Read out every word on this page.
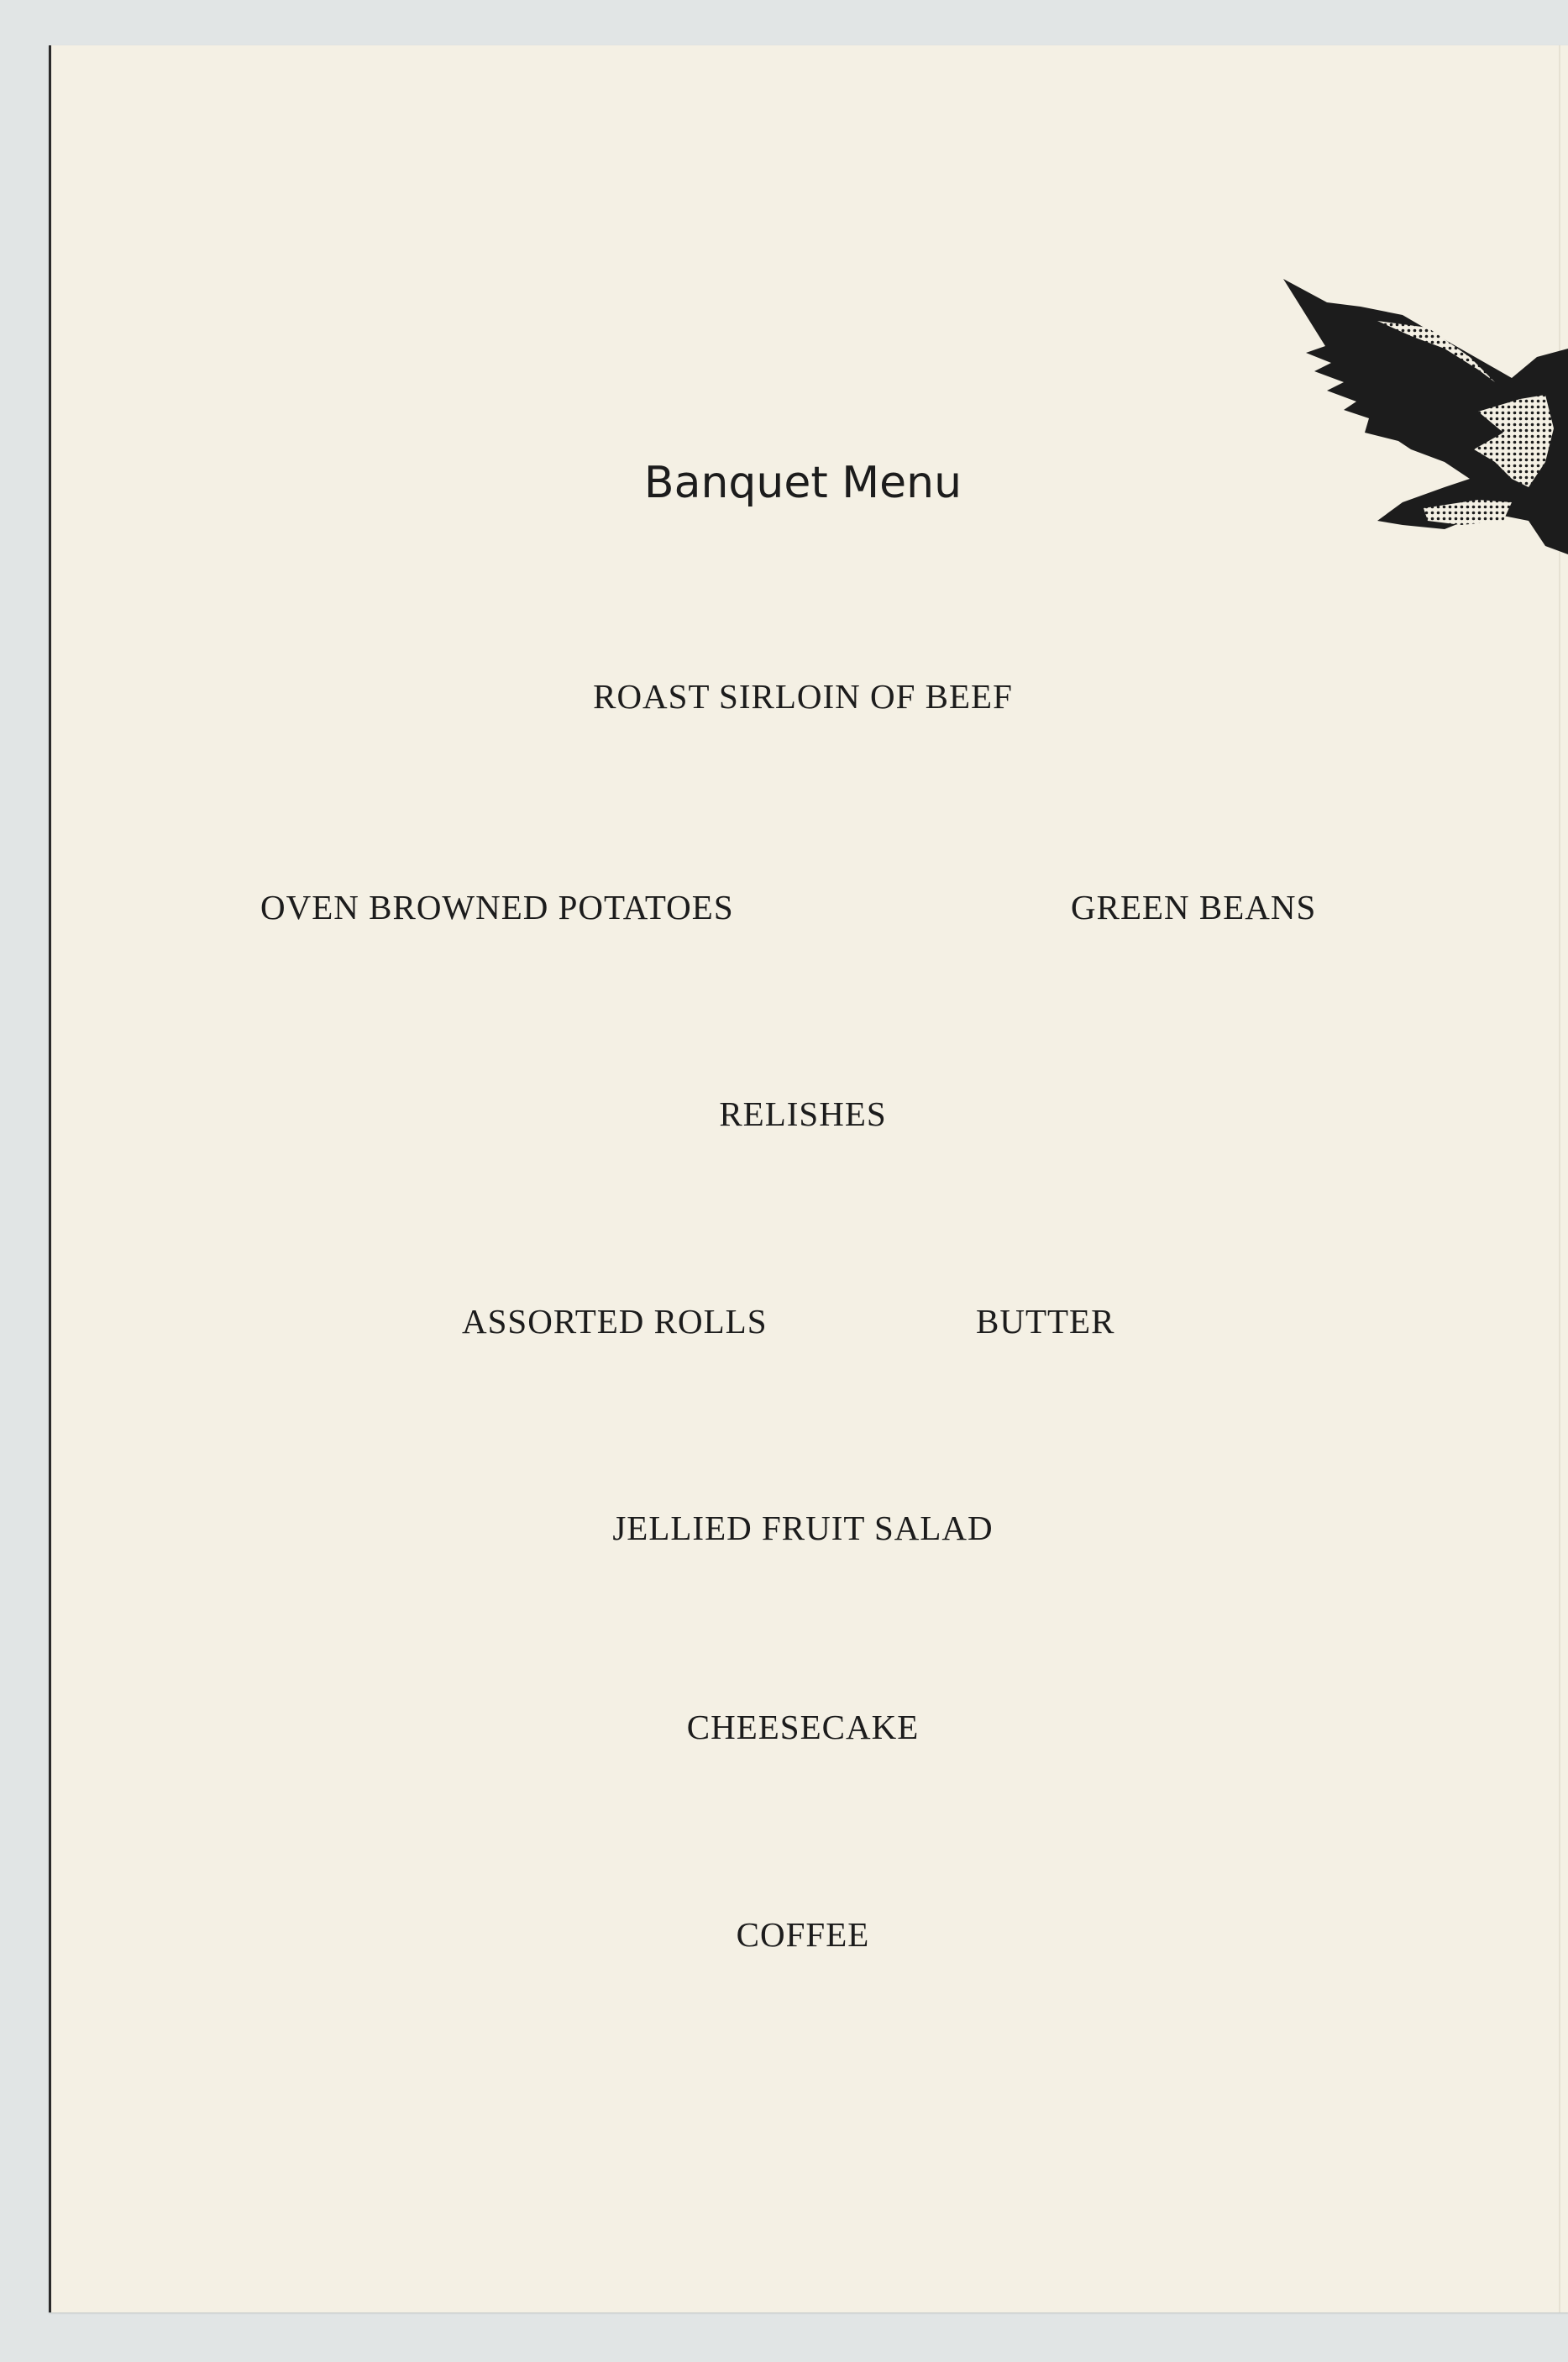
Banquet Menu
ROAST SIRLOIN OF BEEF
OVEN BROWNED POTATOES	GREEN BEANS
RELISHES
ASSORTED ROLLS	BUTTER
JELLIED FRUIT SALAD
CHEESECAKE
COFFEE
